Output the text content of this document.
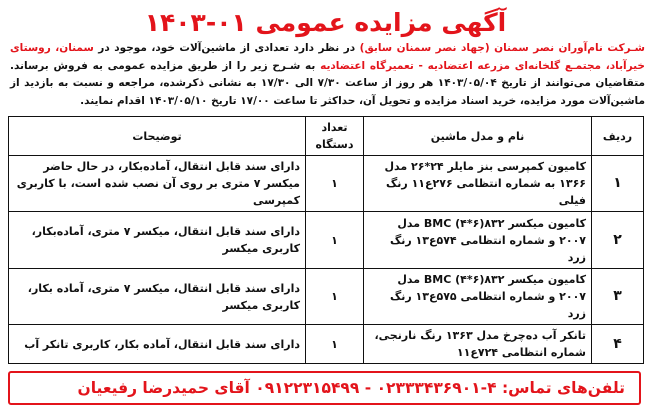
آگهی مزایده عمومی ۰۱-۱۴۰۳
شـرکت نام‌آوران نصر سمنان (جهاد نصر سمنان سابق) در نظر دارد تعدادی از ماشین‌آلات خود، موجود در سمنان، روستای خیرآباد، مجتمـع گلخانه‌ای مزرعه اعتضادیه - تعمیرگاه اعتضادیه به شـرح زیر را از طریق مزایده عمومی به فروش برساند. متقاضیان می‌توانند از تاریخ ۱۴۰۳/۰۵/۰۴ هر روز از ساعت ۷/۳۰ الی ۱۷/۳۰ به نشانی ذکرشده، مراجعه و نسبت به بازدید از ماشین‌آلات مورد مزایده، خرید اسناد مزایده و تحویل آن، حداکثر تا ساعت ۱۷/۰۰ تاریخ ۱۴۰۳/۰۵/۱۰ اقدام نمایند.
ردیف	نام و مدل ماشین	تعداد دستگاه	توضیحات
۱	کامیون کمپرسی بنز مایلر ۲۴*۲۶ مدل ۱۳۶۶ به شماره انتظامی ۲۷۶ع۱۱ رنگ فیلی	۱	دارای سند قابل انتقال، آماده‌بکار، در حال حاضر میکسر ۷ متری بر روی آن نصب شده است، با کاربری کمپرسی
۲	کامیون میکسر BMC (۴*۶)۸۳۲ مدل ۲۰۰۷ و شماره انتظامی ۵۷۴ع۱۳ رنگ زرد	۱	دارای سند قابل انتقال، میکسر ۷ متری، آماده‌بکار، کاربری میکسر
۳	کامیون میکسر BMC (۴*۶)۸۳۲ مدل ۲۰۰۷ و شماره انتظامی ۵۷۵ع۱۳ رنگ زرد	۱	دارای سند قابل انتقال، میکسر ۷ متری، آماده بکار، کاربری میکسر
۴	تانکر آب ده‌چرخ مدل ۱۳۶۳ رنگ نارنجی، شماره انتظامی ۷۲۴ع۱۱	۱	دارای سند قابل انتقال، آماده بکار، کاربری تانکر آب
تلفن‌های تماس: ۴-۰۲۳۳۳۴۳۶۹۰۱ - ۰۹۱۲۲۳۱۵۴۹۹ آقای حمیدرضا رفیعیان
